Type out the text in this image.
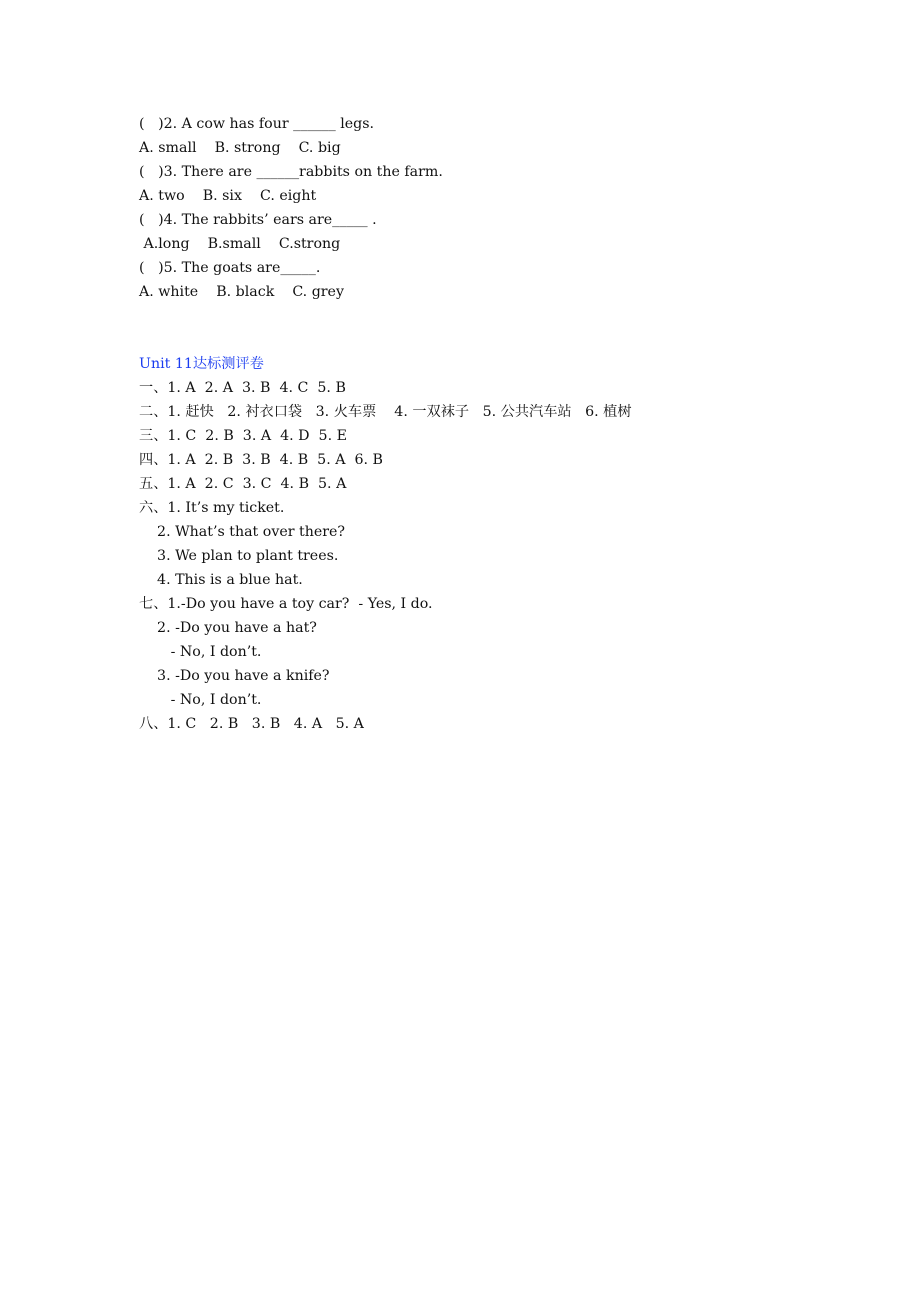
(   )2. A cow has four ______ legs.
A. small    B. strong    C. big
(   )3. There are ______rabbits on the farm.
A. two    B. six    C. eight
(   )4. The rabbits’ ears are_____ .
A.long    B.small    C.strong
(   )5. The goats are_____.
A. white    B. black    C. grey
Unit 11达标测评卷
一、1. A  2. A  3. B  4. C  5. B
二、1. 赶快   2. 衬衣口袋   3. 火车票    4. 一双袜子   5. 公共汽车站   6. 植树
三、1. C  2. B  3. A  4. D  5. E
四、1. A  2. B  3. B  4. B  5. A  6. B
五、1. A  2. C  3. C  4. B  5. A
六、1. It’s my ticket.
2. What’s that over there?
3. We plan to plant trees.
4. This is a blue hat.
七、1.-Do you have a toy car?  - Yes, I do.
2. -Do you have a hat?
- No, I don’t.
3. -Do you have a knife?
- No, I don’t.
八、1. C   2. B   3. B   4. A   5. A
